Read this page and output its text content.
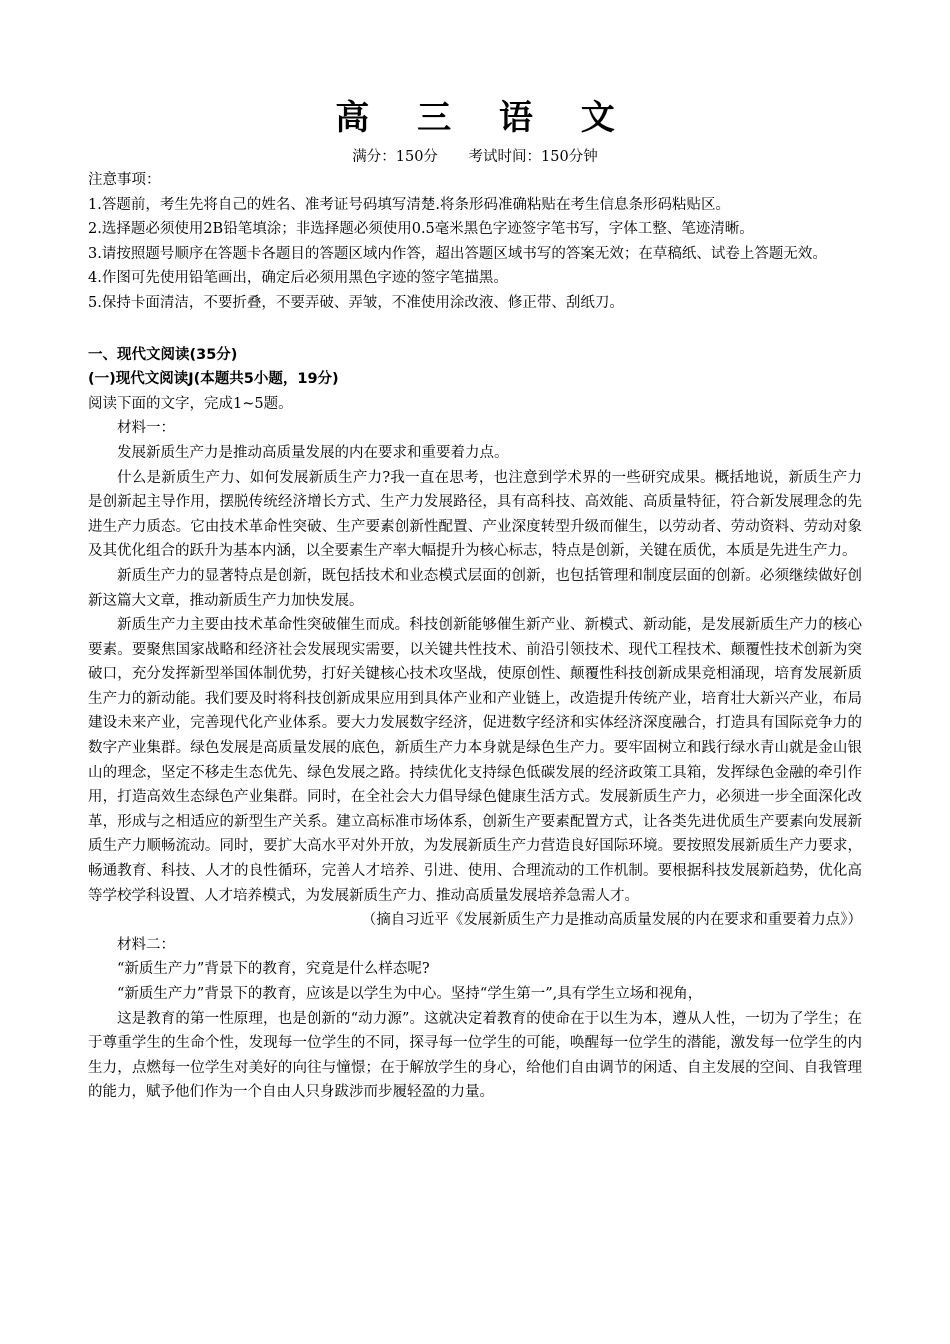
高 三 语 文
满分：150分 考试时间：150分钟

注意事项：

1.答题前，考生先将自己的姓名、准考证号码填写清楚.将条形码准确粘贴在考生信息条形码粘贴区。

2.选择题必须使用2B铅笔填涂；非选择题必须使用0.5毫米黑色字迹签字笔书写，字体工整、笔迹清晰。

3.请按照题号顺序在答题卡各题目的答题区域内作答，超出答题区域书写的答案无效；在草稿纸、试卷上答题无效。

4.作图可先使用铅笔画出，确定后必须用黑色字迹的签字笔描黑。

5.保持卡面清洁，不要折叠，不要弄破、弄皱，不准使用涂改液、修正带、刮纸刀。

一、现代文阅读(35分)

(一)现代文阅读J(本题共5小题，19分)

阅读下面的文字，完成1~5题。

材料一：

发展新质生产力是推动高质量发展的内在要求和重要着力点。

什么是新质生产力、如何发展新质生产力?我一直在思考，也注意到学术界的一些研究成果。概括地说，新质生产力是创新起主导作用，摆脱传统经济增长方式、生产力发展路径，具有高科技、高效能、高质量特征，符合新发展理念的先进生产力质态。它由技术革命性突破、生产要素创新性配置、产业深度转型升级而催生，以劳动者、劳动资料、劳动对象及其优化组合的跃升为基本内涵，以全要素生产率大幅提升为核心标志，特点是创新，关键在质优，本质是先进生产力。

新质生产力的显著特点是创新，既包括技术和业态模式层面的创新，也包括管理和制度层面的创新。必须继续做好创新这篇大文章，推动新质生产力加快发展。

新质生产力主要由技术革命性突破催生而成。科技创新能够催生新产业、新模式、新动能，是发展新质生产力的核心要素。要聚焦国家战略和经济社会发展现实需要，以关键共性技术、前沿引领技术、现代工程技术、颠覆性技术创新为突破口，充分发挥新型举国体制优势，打好关键核心技术攻坚战，使原创性、颠覆性科技创新成果竞相涌现，培育发展新质生产力的新动能。我们要及时将科技创新成果应用到具体产业和产业链上，改造提升传统产业，培育壮大新兴产业，布局建设未来产业，完善现代化产业体系。要大力发展数字经济，促进数字经济和实体经济深度融合，打造具有国际竞争力的数字产业集群。绿色发展是高质量发展的底色，新质生产力本身就是绿色生产力。要牢固树立和践行绿水青山就是金山银山的理念，坚定不移走生态优先、绿色发展之路。持续优化支持绿色低碳发展的经济政策工具箱，发挥绿色金融的牵引作用，打造高效生态绿色产业集群。同时，在全社会大力倡导绿色健康生活方式。发展新质生产力，必须进一步全面深化改革，形成与之相适应的新型生产关系。建立高标准市场体系，创新生产要素配置方式，让各类先进优质生产要素向发展新质生产力顺畅流动。同时，要扩大高水平对外开放，为发展新质生产力营造良好国际环境。要按照发展新质生产力要求，畅通教育、科技、人才的良性循环，完善人才培养、引进、使用、合理流动的工作机制。要根据科技发展新趋势，优化高等学校学科设置、人才培养模式，为发展新质生产力、推动高质量发展培养急需人才。

（摘自习近平《发展新质生产力是推动高质量发展的内在要求和重要着力点》）

材料二：

“新质生产力”背景下的教育，究竟是什么样态呢?

“新质生产力”背景下的教育，应该是以学生为中心。坚持“学生第一”,具有学生立场和视角，

这是教育的第一性原理，也是创新的“动力源”。这就决定着教育的使命在于以生为本，遵从人性，一切为了学生；在于尊重学生的生命个性，发现每一位学生的不同，探寻每一位学生的可能，唤醒每一位学生的潜能，激发每一位学生的内生力，点燃每一位学生对美好的向往与憧憬；在于解放学生的身心，给他们自由调节的闲适、自主发展的空间、自我管理的能力，赋予他们作为一个自由人只身跋涉而步履轻盈的力量。
